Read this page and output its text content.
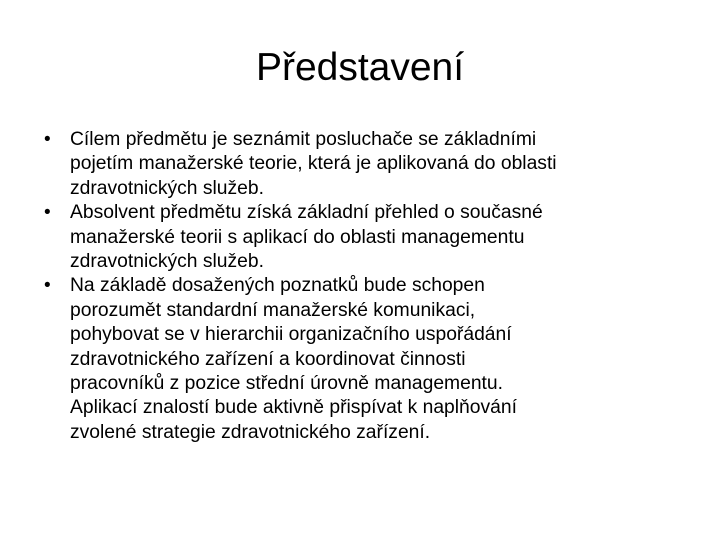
Představení
• Cílem předmětu je seznámit posluchače se základními
pojetím manažerské teorie, která je aplikovaná do oblasti
zdravotnických služeb.
• Absolvent předmětu získá základní přehled o současné
manažerské teorii s aplikací do oblasti managementu
zdravotnických služeb.
• Na základě dosažených poznatků bude schopen
porozumět standardní manažerské komunikaci,
pohybovat se v hierarchii organizačního uspořádání
zdravotnického zařízení a koordinovat činnosti
pracovníků z pozice střední úrovně managementu.
Aplikací znalostí bude aktivně přispívat k naplňování
zvolené strategie zdravotnického zařízení.
